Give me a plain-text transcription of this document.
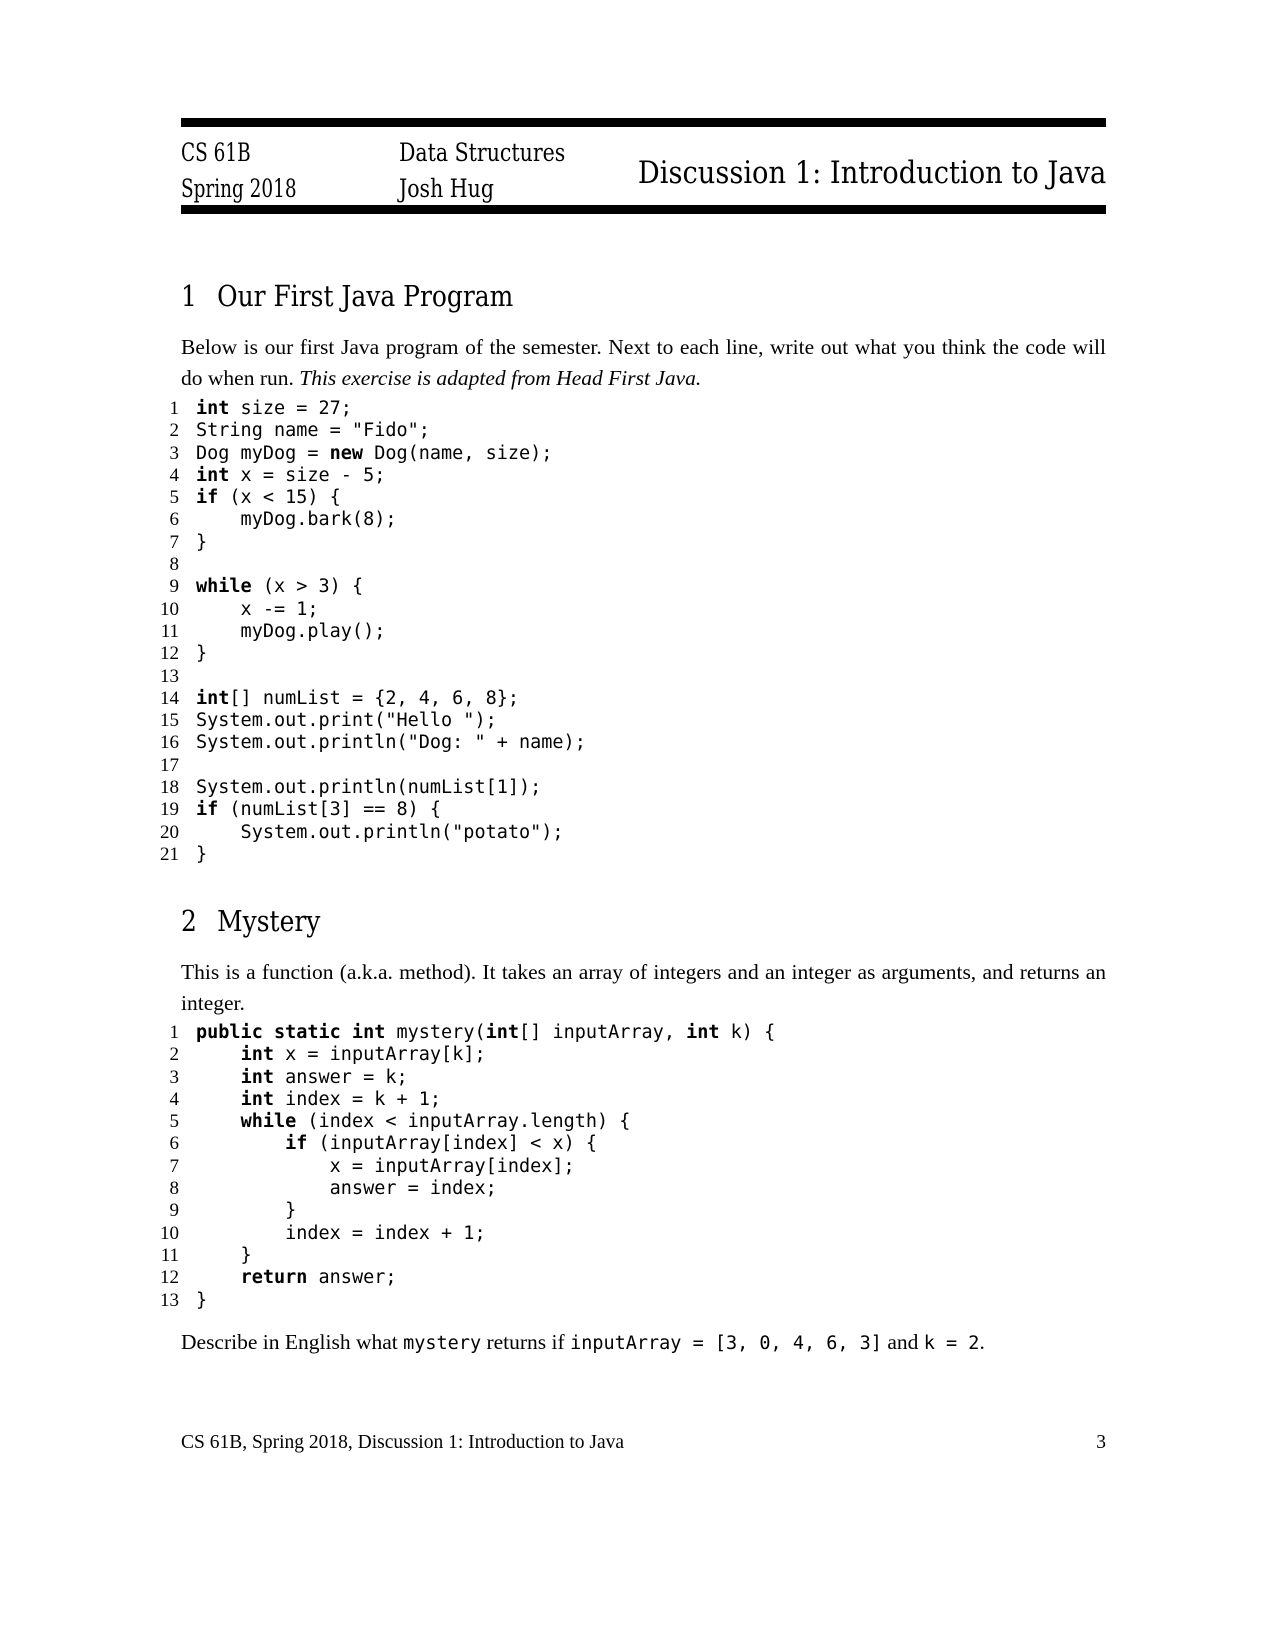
CS 61B
Spring 2018
Data Structures
Josh Hug	Discussion 1: Introduction to Java
1 Our First Java Program
Below is our first Java program of the semester. Next to each line, write out what you think the code will do when run. This exercise is adapted from Head First Java.
1 int size = 27;
2 String name = "Fido";
3 Dog myDog = new Dog(name, size);
4 int x = size - 5;
5 if (x < 15) {
6 myDog.bark(8);
7 }
8
9 while (x > 3) {
10 x -= 1;
11 myDog.play();
12 }
13
14 int[] numList = {2, 4, 6, 8};
15 System.out.print("Hello ");
16 System.out.println("Dog: " + name);
17
18 System.out.println(numList[1]);
19 if (numList[3] == 8) {
20 System.out.println("potato");
21 }
2 Mystery
This is a function (a.k.a. method). It takes an array of integers and an integer as arguments, and returns an integer.
1 public static int mystery(int[] inputArray, int k) {
2	int x = inputArray[k];
3	int answer = k;
4	int index = k + 1;
5	while (index < inputArray.length) {
6	if (inputArray[index] < x) {
7 x = inputArray[index];
8 answer = index;
9 }
10 index = index + 1;
11 }
12	return answer;
13 }
Describe in English what mystery returns if inputArray = [3, 0, 4, 6, 3] and k = 2.
CS 61B, Spring 2018, Discussion 1: Introduction to Java	3
